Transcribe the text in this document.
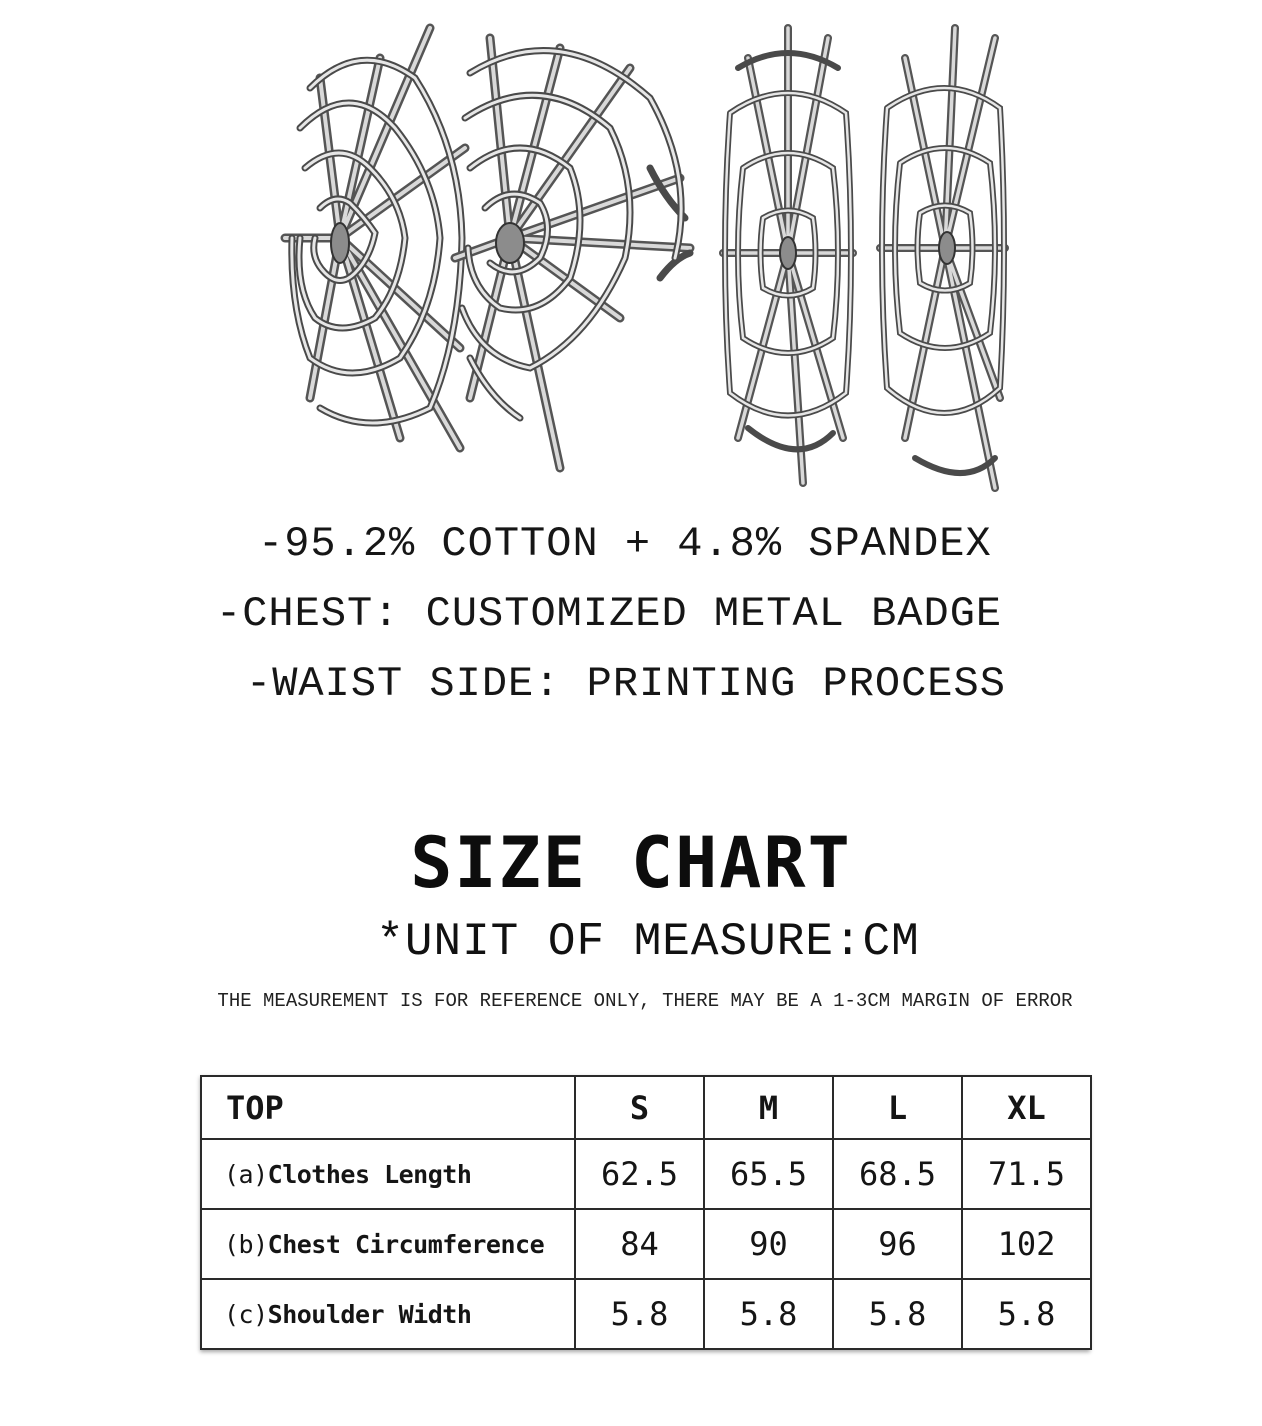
-95.2% COTTON + 4.8% SPANDEX
-CHEST: CUSTOMIZED METAL BADGE
-WAIST SIDE: PRINTING PROCESS
SIZE CHART
*UNIT OF MEASURE:CM
THE MEASUREMENT IS FOR REFERENCE ONLY, THERE MAY BE A 1-3CM MARGIN OF ERROR
TOP	S	M	L	XL
(a)Clothes Length	62.5	65.5	68.5	71.5
(b)Chest Circumference	84	90	96	102
(c)Shoulder Width	5.8	5.8	5.8	5.8
